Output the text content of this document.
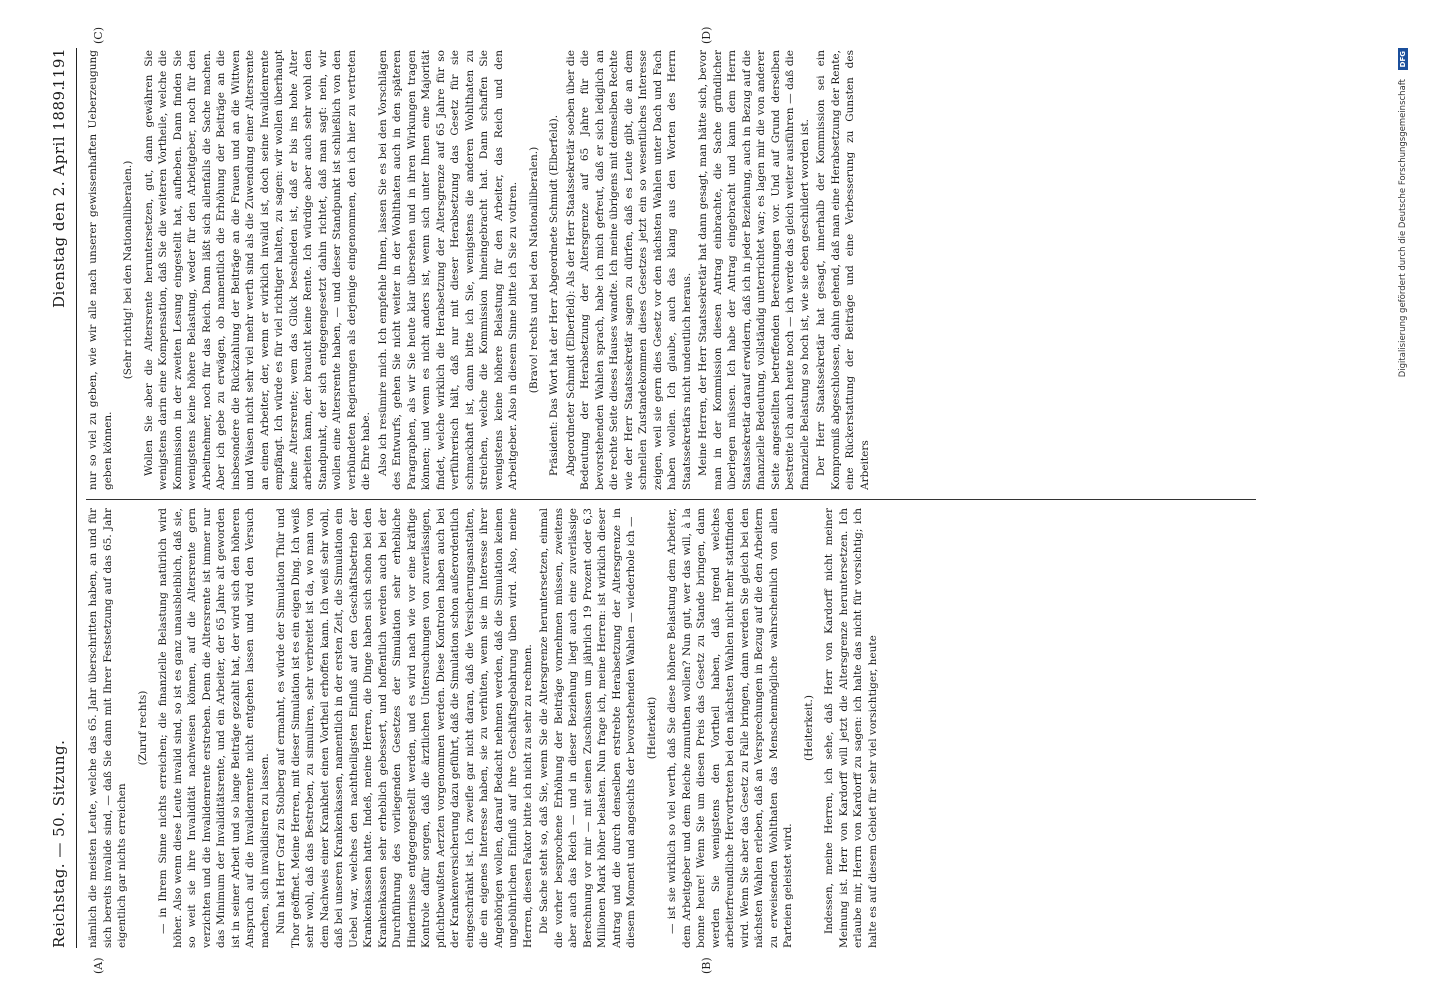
Reichstag. — 50. Sitzung.
Dienstag den 2. April 1889.
1191
(A)	(B)
(C)	(D)

nämlich die meisten Leute, welche das 65. Jahr überschritten haben, an und für sich bereits invalide sind, — daß Sie dann mit Ihrer Festsetzung auf das 65. Jahr eigentlich gar nichts erreichen

(Zuruf rechts) — in Ihrem Sinne nichts erreichen; die finanzielle Belastung natürlich wird höher. Also wenn diese Leute invalid sind, so ist es ganz unausbleiblich, daß sie, so weit sie ihre Invalidität nachweisen können, auf die Altersrente gern verzichten und die Invalidenrente erstreben. Denn die Altersrente ist immer nur das Minimum der Invaliditätsrente, und ein Arbeiter, der 65 Jahre alt geworden ist in seiner Arbeit und so lange Beiträge gezahlt hat, der wird sich den höheren Anspruch auf die Invalidenrente nicht entgehen lassen und wird den Versuch machen, sich invalidisiren zu lassen. Nun hat Herr Graf zu Stolberg auf ermahnt, es würde der Simulation Thür und Thor geöffnet. Meine Herren, mit dieser Simulation ist es ein eigen Ding. Ich weiß sehr wohl, daß das Bestreben, zu simuliren, sehr verbreitet ist da, wo man von dem Nachweis einer Krankheit einen Vortheil erhoffen kann. Ich weiß sehr wohl, daß bei unseren Krankenkassen, namentlich in der ersten Zeit, die Simulation ein Uebel war, welches den nachtheiligsten Einfluß auf den Geschäftsbetrieb der Krankenkassen hatte. Indeß, meine Herren, die Dinge haben sich schon bei den Krankenkassen sehr erheblich gebessert, und hoffentlich werden auch bei der Durchführung des vorliegenden Gesetzes der Simulation sehr erhebliche Hindernisse entgegengestellt werden, und es wird nach wie vor eine kräftige Kontrole dafür sorgen, daß die ärztlichen Untersuchungen von zuverlässigen, pflichtbewußten Aerzten vorgenommen werden. Diese Kontrolen haben auch bei der Krankenversicherung dazu geführt, daß die Simulation schon außerordentlich eingeschränkt ist. Ich zweifle gar nicht daran, daß die Versicherungsanstalten, die ein eigenes Interesse haben, sie zu verhüten, wenn sie im Interesse ihrer Angehörigen wollen, darauf Bedacht nehmen werden, daß die Simulation keinen ungebührlichen Einfluß auf ihre Geschäftsgebahrung üben wird. Also, meine Herren, diesen Faktor bitte ich nicht zu sehr zu rechnen. Die Sache steht so, daß Sie, wenn Sie die Altersgrenze heruntersetzen, einmal die vorher besprochene Erhöhung der Beiträge vornehmen müssen, zweitens aber auch das Reich — und in dieser Beziehung liegt auch eine zuverlässige Berechnung vor mir — mit seinen Zuschüssen um jährlich 19 Prozent oder 6,3 Millionen Mark höher belasten. Nun frage ich, meine Herren: ist wirklich dieser Antrag und die durch denselben erstrebte Herabsetzung der Altersgrenze in diesem Moment und angesichts der bevorstehenden Wahlen — wiederhole ich — (Heiterkeit) — ist sie wirklich so viel werth, daß Sie diese höhere Belastung dem Arbeiter, dem Arbeitgeber und dem Reiche zumuthen wollen? Nun gut, wer das will, à la bonne heure! Wenn Sie um diesen Preis das Gesetz zu Stande bringen, dann werden Sie wenigstens den Vortheil haben, daß irgend welches arbeiterfreundliche Hervortreten bei den nächsten Wahlen nicht mehr stattfinden wird. Wenn Sie aber das Gesetz zu Falle bringen, dann werden Sie gleich bei den nächsten Wahlen erleben, daß an Versprechungen in Bezug auf die den Arbeitern zu erweisenden Wohlthaten das Menschenmögliche wahrscheinlich von allen Parteien geleistet wird.

(Heiterkeit.) Indessen, meine Herren, ich sehe, daß Herr von Kardorff nicht meiner Meinung ist. Herr von Kardorff will jetzt die Altersgrenze heruntersetzen. Ich erlaube mir, Herrn von Kardorff zu sagen: ich halte das nicht für vorsichtig; ich halte es auf diesem Gebiet für sehr viel vorsichtiger, heute

nur so viel zu geben, wie wir alle nach unserer gewissenhaften Ueberzeugung geben können.

(Sehr richtig! bei den Nationalliberalen.) Wollen Sie aber die Altersrente heruntersetzen, gut, dann gewähren Sie wenigstens darin eine Kompensation, daß Sie die weiteren Vortheile, welche die Kommission in der zweiten Lesung eingestellt hat, aufheben. Dann finden Sie wenigstens keine höhere Belastung, weder für den Arbeitgeber, noch für den Arbeitnehmer, noch für das Reich. Dann läßt sich allenfalls die Sache machen. Aber ich gebe zu erwägen, ob namentlich die Erhöhung der Beiträge an die insbesondere die Rückzahlung der Beiträge an die Frauen und an die Wittwen und Waisen nicht sehr viel mehr werth sind als die Zuwendung einer Altersrente an einen Arbeiter, der, wenn er wirklich invalid ist, doch seine Invalidenrente empfängt. Ich würde es für viel richtiger halten, zu sagen: wir wollen überhaupt keine Altersrente; wem das Glück beschieden ist, daß er bis ins hohe Alter arbeiten kann, der braucht keine Rente. Ich würdige aber auch sehr wohl den Standpunkt, der sich entgegengesetzt dahin richtet, daß man sagt: nein, wir wollen eine Altersrente haben, — und dieser Standpunkt ist schließlich von den verbündeten Regierungen als derjenige eingenommen, den ich hier zu vertreten die Ehre habe. Also ich resümire mich. Ich empfehle Ihnen, lassen Sie es bei den Vorschlägen des Entwurfs, gehen Sie nicht weiter in der Wohlthaten auch in den späteren Paragraphen, als wir Sie heute klar übersehen und in ihren Wirkungen tragen können; und wenn es nicht anders ist, wenn sich unter Ihnen eine Majorität findet, welche wirklich die Herabsetzung der Altersgrenze auf 65 Jahre für so verführerisch hält, daß nur mit dieser Herabsetzung das Gesetz für sie schmackhaft ist, dann bitte ich Sie, wenigstens die anderen Wohlthaten zu streichen, welche die Kommission hineingebracht hat. Dann schaffen Sie wenigstens keine höhere Belastung für den Arbeiter, das Reich und den Arbeitgeber. Also in diesem Sinne bitte ich Sie zu votiren. (Bravo! rechts und bei den Nationalliberalen.) Präsident: Das Wort hat der Herr Abgeordnete Schmidt (Elberfeld). Abgeordneter Schmidt (Elberfeld): Als der Herr Staatssekretär soeben über die Bedeutung der Herabsetzung der Altersgrenze auf 65 Jahre für die bevorstehenden Wahlen sprach, habe ich mich gefreut, daß er sich lediglich an die rechte Seite dieses Hauses wandte. Ich meine übrigens mit demselben Rechte wie der Herr Staatssekretär sagen zu dürfen, daß es Leute gibt, die an dem schnellen Zustandekommen dieses Gesetzes jetzt ein so wesentliches Interesse zeigen, weil sie gern dies Gesetz vor den nächsten Wahlen unter Dach und Fach haben wollen. Ich glaube, auch das klang aus den Worten des Herrn Staatssekretärs nicht undeutlich heraus. Meine Herren, der Herr Staatssekretär hat dann gesagt, man hätte sich, bevor man in der Kommission diesen Antrag einbrachte, die Sache gründlicher überlegen müssen. Ich habe der Antrag eingebracht und kann dem Herrn Staatssekretär darauf erwidern, daß ich in jeder Beziehung, auch in Bezug auf die finanzielle Bedeutung, vollständig unterrichtet war; es lagen mir die von anderer Seite angestellten betreffenden Berechnungen vor. Und auf Grund derselben bestreite ich auch heute noch — ich werde das gleich weiter ausführen — daß die finanzielle Belastung so hoch ist, wie sie eben geschildert worden ist. Der Herr Staatssekretär hat gesagt, innerhalb der Kommission sei ein Kompromiß abgeschlossen, dahin gehend, daß man eine Herabsetzung der Rente, eine Rückerstattung der Beiträge und eine Verbesserung zu Gunsten des Arbeiters

Digitalisierung gefördert durch die Deutsche Forschungsgemeinschaft DFG
